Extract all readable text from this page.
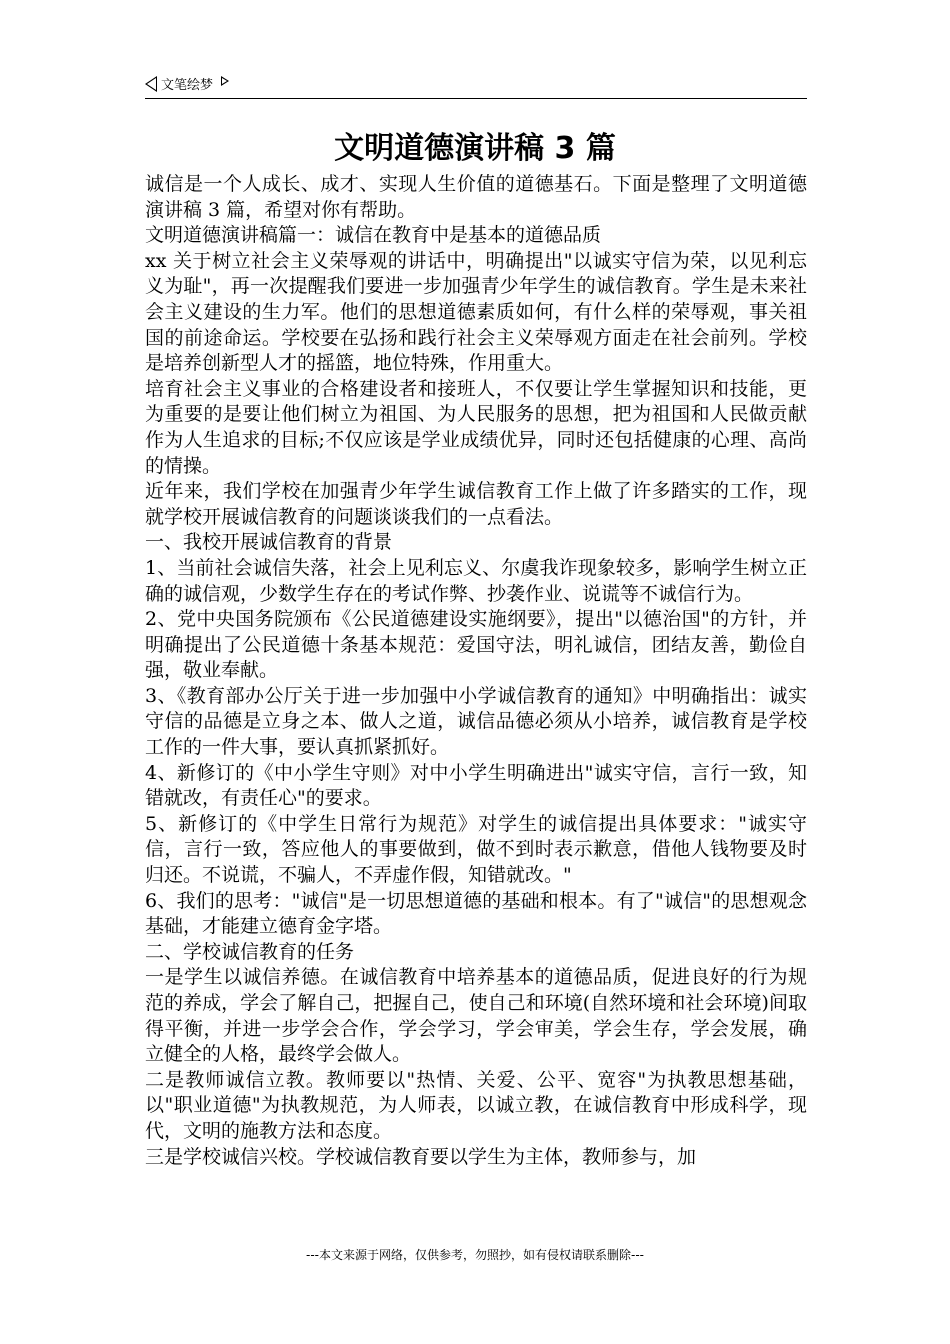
文笔绘梦
文明道德演讲稿 3 篇

诚信是一个人成长、成才、实现人生价值的道德基石。下面是整理了文明道德演讲稿 3 篇，希望对你有帮助。

文明道德演讲稿篇一：诚信在教育中是基本的道德品质

xx 关于树立社会主义荣辱观的讲话中，明确提出"以诚实守信为荣，以见利忘义为耻"，再一次提醒我们要进一步加强青少年学生的诚信教育。学生是未来社会主义建设的生力军。他们的思想道德素质如何，有什么样的荣辱观，事关祖国的前途命运。学校要在弘扬和践行社会主义荣辱观方面走在社会前列。学校是培养创新型人才的摇篮，地位特殊，作用重大。

培育社会主义事业的合格建设者和接班人，不仅要让学生掌握知识和技能，更为重要的是要让他们树立为祖国、为人民服务的思想，把为祖国和人民做贡献作为人生追求的目标;不仅应该是学业成绩优异，同时还包括健康的心理、高尚的情操。

近年来，我们学校在加强青少年学生诚信教育工作上做了许多踏实的工作，现就学校开展诚信教育的问题谈谈我们的一点看法。

一、我校开展诚信教育的背景

1、当前社会诚信失落，社会上见利忘义、尔虞我诈现象较多，影响学生树立正确的诚信观，少数学生存在的考试作弊、抄袭作业、说谎等不诚信行为。

2、党中央国务院颁布《公民道德建设实施纲要》，提出"以德治国"的方针，并明确提出了公民道德十条基本规范：爱国守法，明礼诚信，团结友善，勤俭自强，敬业奉献。

3、《教育部办公厅关于进一步加强中小学诚信教育的通知》中明确指出：诚实守信的品德是立身之本、做人之道，诚信品德必须从小培养，诚信教育是学校工作的一件大事，要认真抓紧抓好。

4、新修订的《中小学生守则》对中小学生明确进出"诚实守信，言行一致，知错就改，有责任心"的要求。

5、新修订的《中学生日常行为规范》对学生的诚信提出具体要求："诚实守信，言行一致，答应他人的事要做到，做不到时表示歉意，借他人钱物要及时归还。不说谎，不骗人，不弄虚作假，知错就改。"

6、我们的思考："诚信"是一切思想道德的基础和根本。有了"诚信"的思想观念基础，才能建立德育金字塔。

二、学校诚信教育的任务

一是学生以诚信养德。在诚信教育中培养基本的道德品质，促进良好的行为规范的养成，学会了解自己，把握自己，使自己和环境(自然环境和社会环境)间取得平衡，并进一步学会合作，学会学习，学会审美，学会生存，学会发展，确立健全的人格，最终学会做人。

二是教师诚信立教。教师要以"热情、关爱、公平、宽容"为执教思想基础，以"职业道德"为执教规范，为人师表，以诚立教，在诚信教育中形成科学，现代，文明的施教方法和态度。

三是学校诚信兴校。学校诚信教育要以学生为主体，教师参与，加

---本文来源于网络，仅供参考，勿照抄，如有侵权请联系删除---
